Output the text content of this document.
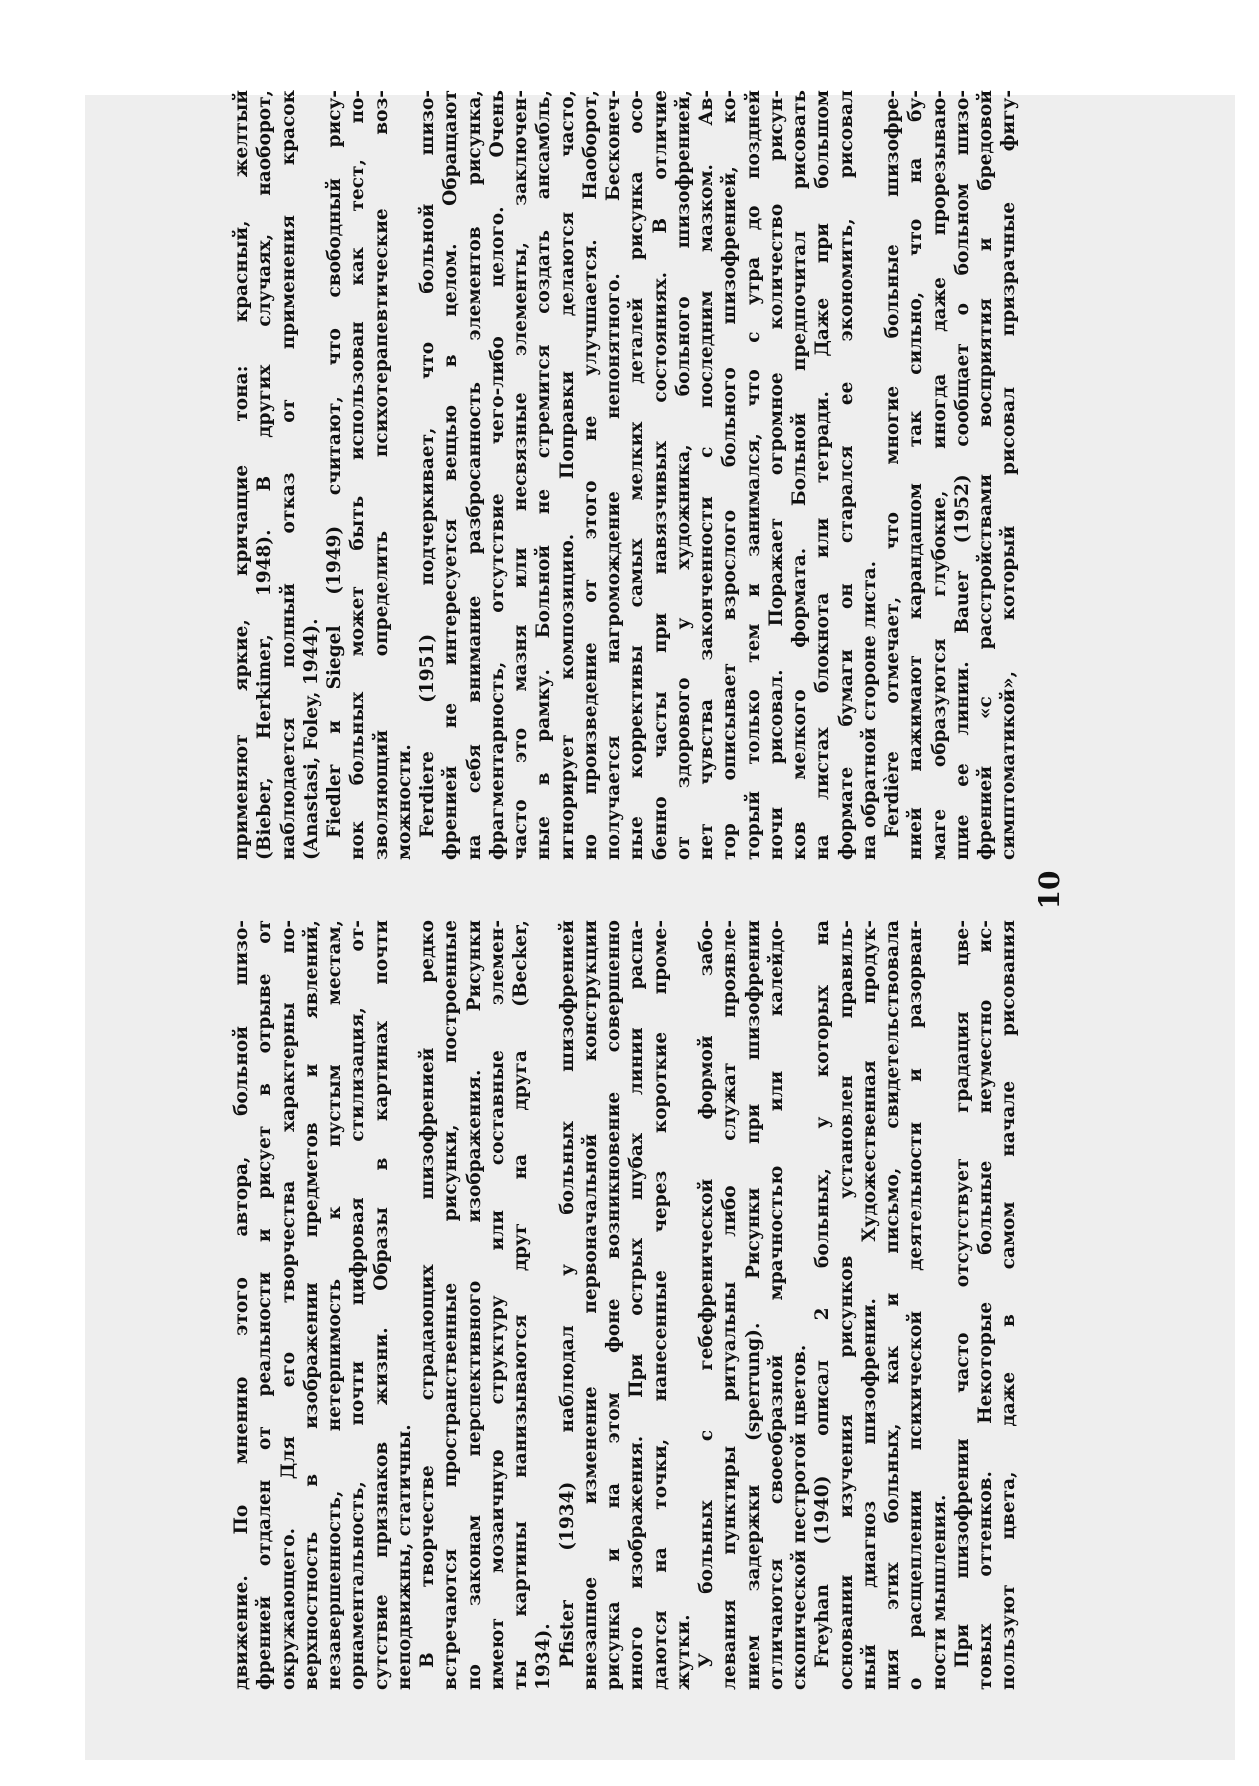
движение. По мнению этого автора, больной шизо- френией отдален от реальности и рисует в отрыве от окружающего. Для его творчества характерны по- верхностность в изображении предметов и явлений, незавершенность, нетерпимость к пустым местам, орнаментальность, почти цифровая стилизация, от- сутствие признаков жизни. Образы в картинах почти неподвижны, статичны. В творчестве страдающих шизофренией редко встречаются пространственные рисунки, построенные по законам перспективного изображения. Рисунки имеют мозаичную структуру или составные элемен- ты картины нанизываются друг на друга (Becker, 1934). Pfister (1934) наблюдал у больных шизофренией внезапное изменение первоначальной конструкции рисунка и на этом фоне возникновение совершенно иного изображения. При острых шубах линии распа- даются на точки, нанесенные через короткие проме- жутки. У больных с гебефренической формой забо- левания пунктиры ритуальны либо служат проявле- нием задержки (sperrung). Рисунки при шизофрении отличаются своеобразной мрачностью или калейдо- скопической пестротой цветов. Freyhan (1940) описал 2 больных, у которых на основании изучения рисунков установлен правиль- ный диагноз шизофрении. Художественная продук- ция этих больных, как и письмо, свидетельствовала о расщеплении психической деятельности и разорван- ности мышления. При шизофрении часто отсутствует градация цве- товых оттенков. Некоторые больные неуместно ис- пользуют цвета, даже в самом начале рисования
10
применяют яркие, кричащие тона: красный, желтый (Bieber, Herkimer, 1948). В других случаях, наоборот, наблюдается полный отказ от применения красок (Anastasi, Foley, 1944). Fiedler и Siegel (1949) считают, что свободный рису- нок больных может быть использован как тест, по- зволяющий определить психотерапевтические воз- можности. Ferdiere (1951) подчеркивает, что больной шизо- френией не интересуется вещью в целом. Обращают на себя внимание разбросанность элементов рисунка, фрагментарность, отсутствие чего-либо целого. Очень часто это мазня или несвязные элементы, заключен- ные в рамку. Больной не стремится создать ансамбль, игнорирует композицию. Поправки делаются часто, но произведение от этого не улучшается. Наоборот, получается нагромождение непонятного. Бесконеч- ные коррективы самых мелких деталей рисунка осо- бенно часты при навязчивых состояниях. В отличие от здорового у художника, больного шизофренией, нет чувства законченности с последним мазком. Ав- тор описывает взрослого больного шизофренией, ко- торый только тем и занимался, что с утра до поздней ночи рисовал. Поражает огромное количество рисун- ков мелкого формата. Больной предпочитал рисовать на листах блокнота или тетради. Даже при большом формате бумаги он старался ее экономить, рисовал на обратной стороне листа. Ferdière отмечает, что многие больные шизофре- нией нажимают карандашом так сильно, что на бу- маге образуются глубокие, иногда даже прорезываю- щие ее линии. Bauer (1952) сообщает о больном шизо- френией «с расстройствами восприятия и бредовой симптоматикой», который рисовал призрачные фигу-
